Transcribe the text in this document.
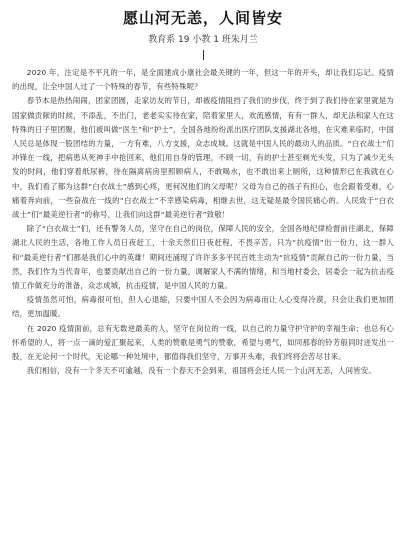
愿山河无恙，人间皆安
教育系 19 小教 1 班朱月兰

2020 年，注定是不平凡的一年，是全面建成小康社会最关键的一年，但这一年的开头，却让我们忘记。疫情的出现，让全中国人过了一个特殊的春节，有些特殊呢？

春节本是热热闹闹，团家团圆，走家访友的节日，却被疫情阻挡了我们的步伐，终于到了我们待在家里就是为国家做贡献的时候，不添乱，不出门，老老实实待在家，陪着家里人，欢流感情，有有一群人，却无法和家人在这特殊的日子里团聚，他们被叫做“医生”和“护士”，全国各地纷纷派出医疗团队支援湖北各地，在灾难来临时，中国人民总是体现一股团结的力量，一方有难，八方支援，众志成城。这就是中国人民的最动人的品质。“白衣战士”们冲锋在一线，把病患从死神手中抢回来，他们用自身的管理，不顾一切，有的护士甚至剃光头发，只为了减少无头发的时间，他们穿着纸尿裤，待在隔离病房里照顾病人，不敢喝水，也不敢出来上厕所，这种情形已在我就在心中，我们看了都为这群“白衣战士”感到心疼，更何况他们的父母呢？父母为自己的孩子有担心，也会跟着受难，心痛着奔向前，一些奋战在一线的“白衣战士”不幸感染病毒，相继去世，这无疑是最令国民痛心的。人民致于“白衣战士”们“最美逆行者”的称号，让我们向这群“最美逆行者”致敬！

除了“白衣战士”们，还有警务人员，坚守在自己的岗位，保障人民的安全，全国各地纪律检督前往湖北，保障湖北人民的生活，各地工作人员日夜赶工，十余天然们日夜赶程，不畏辛苦，只为“抗疫情”出一份力，这一群人和“最美逆行者”们都是我们心中的英雄！期间还涌现了许许多多平民百姓主动为“抗疫情”贡献自己的一份力量，当然，我们作为当代青年，也要贡献出自己的一份力量，调解家人不满的情绪，和当地村委会，居委会一起为抗击疫情工作做充分的准备，众志成城，抗击疫情，是中国人民的力量。

疫情虽然可怕，病毒很可怕，但人心退缩，只要中国人不会因为病毒而让人心变得冷漠，只会让我们更加团结，更加温暖。

在 2020 疫情面前，总有无数逆最美的人，坚守在岗位的一线，以自己的力量守护守护的幸福生命；也总有心怀希望的人，将一点一滴的爱汇聚起来，人类的赞歌是勇气的赞歌，希望与勇气，如同那春的铃芳般同时迸发出一股，在无论何一个时代，无论哪一种处境中，都值得我们坚守，万事开头难，我们终将会苦尽甘来。

我们相信，没有一个冬天不可逾越，没有一个春天不会到来，祖国将会还人民一个山河无恙，人间皆安。
